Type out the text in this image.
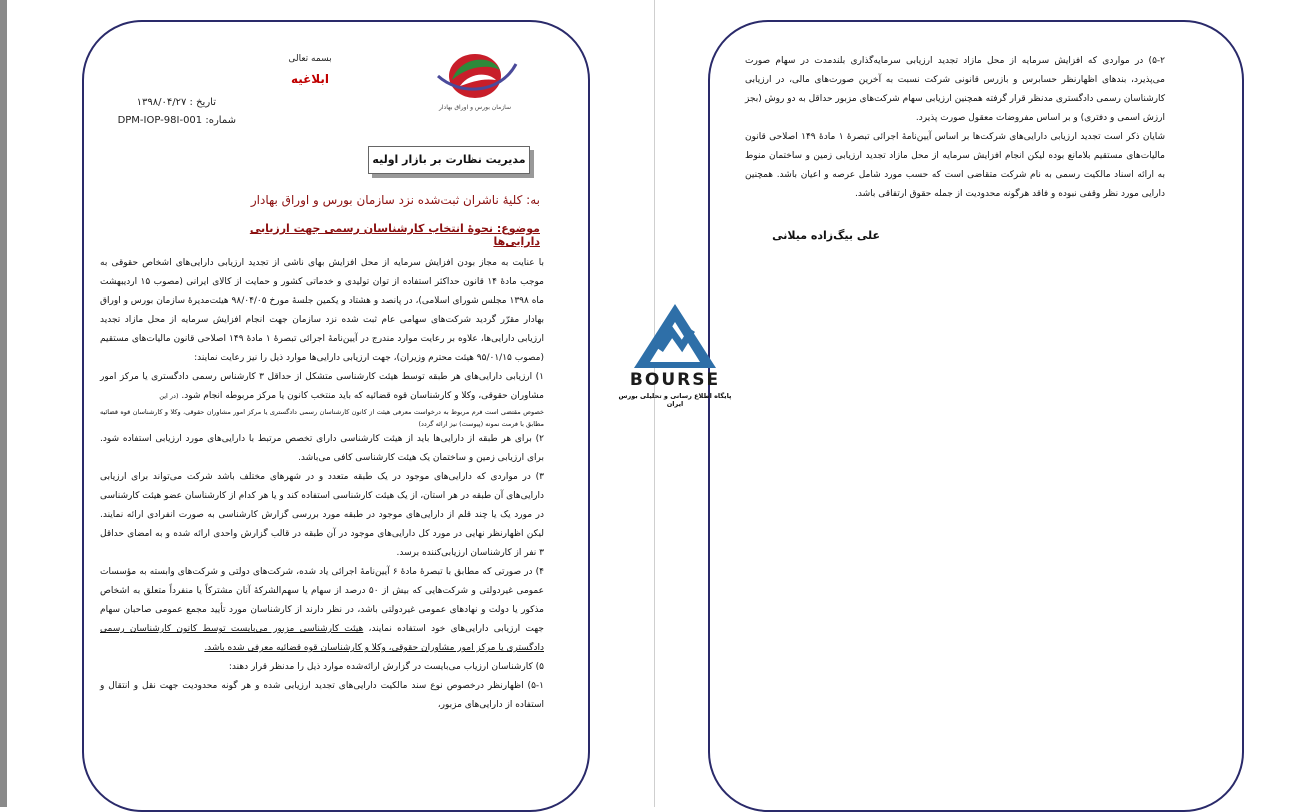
بسمه تعالی
ابلاغیه
سازمان بورس و اوراق بهادار
تاریخ : ۱۳۹۸/۰۴/۲۷
شماره: DPM-IOP-98I-001
مدیریت نظارت بر بازار اولیه
به: کلیهٔ ناشران ثبت‌شده نزد سازمان بورس و اوراق بهادار
موضوع: نحوهٔ انتخاب کارشناسان رسمی جهت ارزیابی دارایی‌ها

با عنایت به مجاز بودن افزایش سرمایه از محل افزایش بهای ناشی از تجدید ارزیابی دارایی‌های اشخاص حقوقی به موجب مادهٔ ۱۴ قانون حداکثر استفاده از توان تولیدی و خدماتی کشور و حمایت از کالای ایرانی (مصوب ۱۵ اردیبهشت ماه ۱۳۹۸ مجلس شورای اسلامی)، در پانصد و هشتاد و یکمین جلسهٔ مورخ ۹۸/۰۴/۰۵ هیئت‌مدیرهٔ سازمان بورس و اوراق بهادار مقرّر گردید شرکت‌های سهامی عام ثبت شده نزد سازمان جهت انجام افزایش سرمایه از محل مازاد تجدید ارزیابی دارایی‌ها، علاوه بر رعایت موارد مندرج در آیین‌نامهٔ اجرائی تبصرهٔ ۱ مادهٔ ۱۴۹ اصلاحی قانون مالیات‌های مستقیم (مصوب ۹۵/۰۱/۱۵ هیئت محترم وزیران)، جهت ارزیابی دارایی‌ها موارد ذیل را نیز رعایت نمایند:

۱) ارزیابی دارایی‌های هر طبقه توسط هیئت کارشناسی متشکل از حداقل ۳ کارشناس رسمی دادگستری یا مرکز امور مشاوران حقوقی، وکلا و کارشناسان قوه قضائیه که باید منتخب کانون یا مرکز مربوطه انجام شود. (در این

خصوص مقتضی است فرم مربوط به درخواست معرفی هیئت از کانون کارشناسان رسمی دادگستری یا مرکز امور مشاوران حقوقی، وکلا و کارشناسان قوه قضائیه مطابق با فرمت نمونه (پیوست) نیز ارائه گردد)

۲) برای هر طبقه از دارایی‌ها باید از هیئت کارشناسی دارای تخصص مرتبط با دارایی‌های مورد ارزیابی استفاده شود. برای ارزیابی زمین و ساختمان یک هیئت کارشناسی کافی می‌باشد.

۳) در مواردی که دارایی‌های موجود در یک طبقه متعدد و در شهرهای مختلف باشد شرکت می‌تواند برای ارزیابی دارایی‌های آن طبقه در هر استان، از یک هیئت کارشناسی استفاده کند و یا هر کدام از کارشناسان عضو هیئت کارشناسی در مورد یک یا چند قلم از دارایی‌های موجود در طبقه مورد بررسی گزارش کارشناسی به صورت انفرادی ارائه نمایند. لیکن اظهارنظر نهایی در مورد کل دارایی‌های موجود در آن طبقه در قالب گزارش واحدی ارائه شده و به امضای حداقل ۳ نفر از کارشناسان ارزیابی‌کننده برسد.

۴) در صورتی که مطابق با تبصرهٔ مادهٔ ۶ آیین‌نامهٔ اجرائی یاد شده، شرکت‌های دولتی و شرکت‌های وابسته به مؤسسات عمومی غیردولتی و شرکت‌هایی که بیش از ۵۰ درصد از سهام یا سهم‌الشرکهٔ آنان مشترکاً یا منفرداً متعلق به اشخاص مذکور یا دولت و نهادهای عمومی غیردولتی باشد، در نظر دارند از کارشناسان مورد تأیید مجمع عمومی صاحبان سهام جهت ارزیابی دارایی‌های خود استفاده نمایند، هیئت کارشناسی مزبور می‌بایست توسط کانون کارشناسان رسمی دادگستری یا مرکز امور مشاوران حقوقی، وکلا و کارشناسان قوه قضائیه معرفی شده باشد.

۵) کارشناسان ارزیاب می‌بایست در گزارش ارائه‌شده موارد ذیل را مدنظر قرار دهند:

۵-۱) اظهارنظر درخصوص نوع سند مالکیت دارایی‌های تجدید ارزیابی شده و هر گونه محدودیت جهت نقل و انتقال و استفاده از دارایی‌های مزبور،

BOURSE
پایگاه اطلاع رسانی و تحلیلی بورس ایران

۵-۲) در مواردی که افزایش سرمایه از محل مازاد تجدید ارزیابی سرمایه‌گذاری بلندمدت در سهام صورت می‌پذیرد، بندهای اظهارنظر حسابرس و بازرس قانونی شرکت نسبت به آخرین صورت‌های مالی، در ارزیابی کارشناسان رسمی دادگستری مدنظر قرار گرفته همچنین ارزیابی سهام شرکت‌های مزبور حداقل به دو روش (بجز ارزش اسمی و دفتری) و بر اساس مفروضات معقول صورت پذیرد.

شایان ذکر است تجدید ارزیابی دارایی‌های شرکت‌ها بر اساس آیین‌نامهٔ اجرائی تبصرهٔ ۱ مادهٔ ۱۴۹ اصلاحی قانون مالیات‌های مستقیم بلامانع بوده لیکن انجام افزایش سرمایه از محل مازاد تجدید ارزیابی زمین و ساختمان منوط به ارائه اسناد مالکیت رسمی به نام شرکت متقاضی است که حسب مورد شامل عرصه و اعیان باشد. همچنین دارایی مورد نظر وقفی نبوده و فاقد هرگونه محدودیت از جمله حقوق ارتفاقی باشد.

علی بیگ‌زاده میلانی
